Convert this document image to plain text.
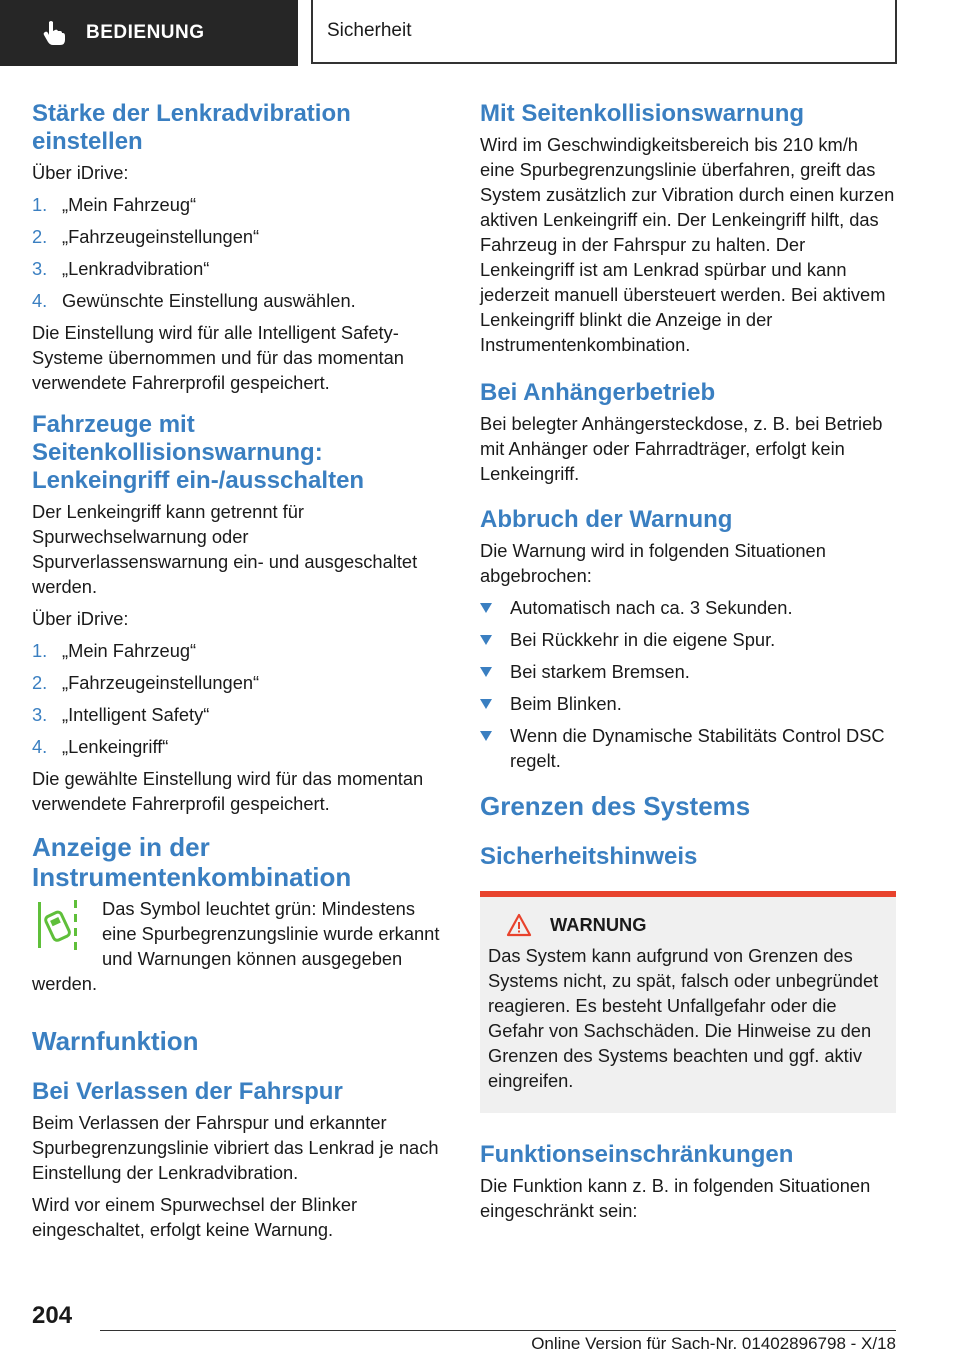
BEDIENUNG	Sicherheit
Stärke der Lenkradvibration einstellen

Über iDrive:

1. „Mein Fahrzeug“
2. „Fahrzeugeinstellungen“
3. „Lenkradvibration“
4. Gewünschte Einstellung auswählen.

Die Einstellung wird für alle Intelligent Safety-Systeme übernommen und für das momentan verwendete Fahrerprofil gespeichert.

Fahrzeuge mit Seitenkollisionswarnung: Lenkeingriff ein-/ausschalten

Der Lenkeingriff kann getrennt für Spurwechselwarnung oder Spurverlassenswarnung ein- und ausgeschaltet werden.

Über iDrive:

1. „Mein Fahrzeug“
2. „Fahrzeugeinstellungen“
3. „Intelligent Safety“
4. „Lenkeingriff“

Die gewählte Einstellung wird für das momentan verwendete Fahrerprofil gespeichert.

Anzeige in der Instrumentenkombination

Das Symbol leuchtet grün: Mindestens eine Spurbegrenzungslinie wurde erkannt und Warnungen können ausgegeben werden.

Warnfunktion
Bei Verlassen der Fahrspur

Beim Verlassen der Fahrspur und erkannter Spurbegrenzungslinie vibriert das Lenkrad je nach Einstellung der Lenkradvibration.

Wird vor einem Spurwechsel der Blinker eingeschaltet, erfolgt keine Warnung.

Mit Seitenkollisionswarnung

Wird im Geschwindigkeitsbereich bis 210 km/h eine Spurbegrenzungslinie überfahren, greift das System zusätzlich zur Vibration durch einen kurzen aktiven Lenkeingriff ein. Der Lenkeingriff hilft, das Fahrzeug in der Fahrspur zu halten. Der Lenkeingriff ist am Lenkrad spürbar und kann jederzeit manuell übersteuert werden. Bei aktivem Lenkeingriff blinkt die Anzeige in der Instrumentenkombination.

Bei Anhängerbetrieb

Bei belegter Anhängersteckdose, z. B. bei Betrieb mit Anhänger oder Fahrradträger, erfolgt kein Lenkeingriff.

Abbruch der Warnung

Die Warnung wird in folgenden Situationen abgebrochen:

Automatisch nach ca. 3 Sekunden.
Bei Rückkehr in die eigene Spur.
Bei starkem Bremsen.
Beim Blinken.
Wenn die Dynamische Stabilitäts Control DSC regelt.
Grenzen des Systems
Sicherheitshinweis
WARNUNG

Das System kann aufgrund von Grenzen des Systems nicht, zu spät, falsch oder unbegründet reagieren. Es besteht Unfallgefahr oder die Gefahr von Sachschäden. Die Hinweise zu den Grenzen des Systems beachten und ggf. aktiv eingreifen.

Funktionseinschränkungen

Die Funktion kann z. B. in folgenden Situationen eingeschränkt sein:

204
Online Version für Sach-Nr. 01402896798 - X/18
